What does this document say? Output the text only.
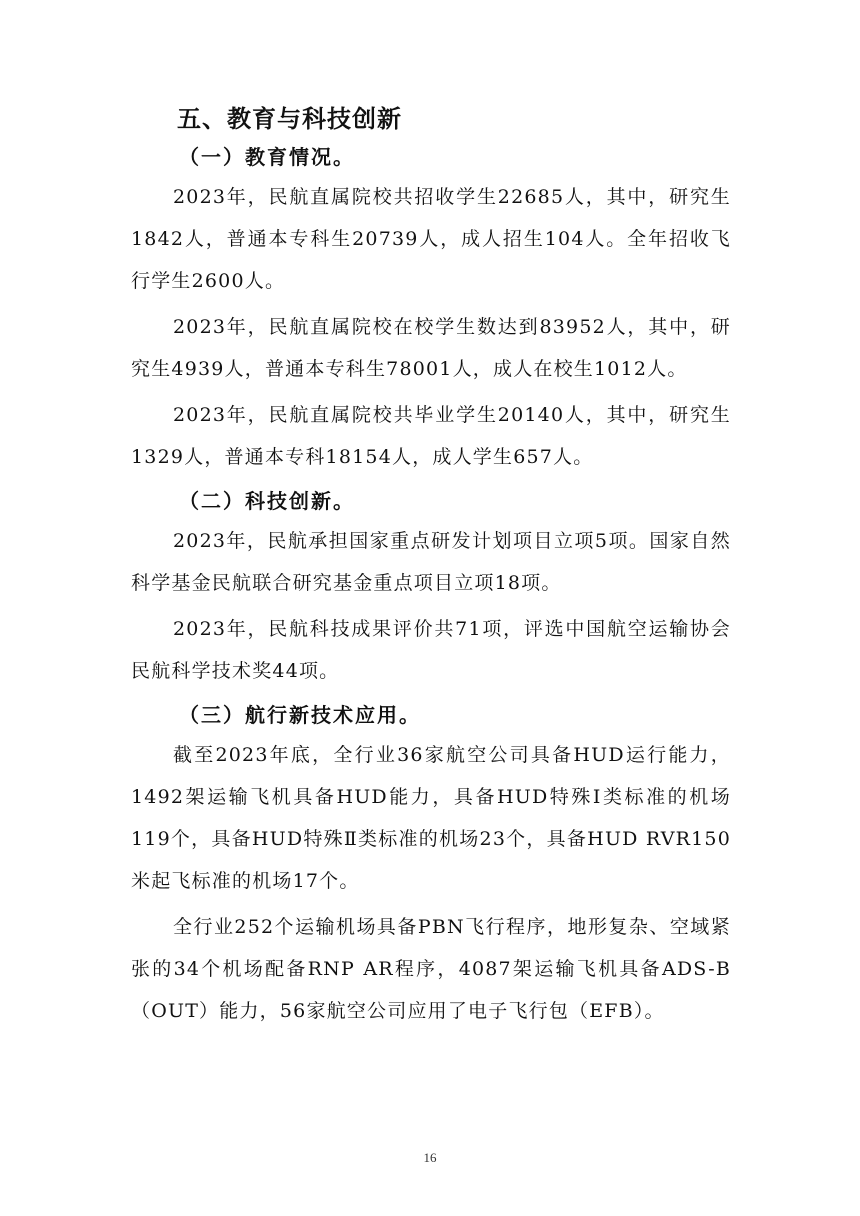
五、教育与科技创新
（一）教育情况。

2023年，民航直属院校共招收学生22685人，其中，研究生1842人，普通本专科生20739人，成人招生104人。全年招收飞行学生2600人。

2023年，民航直属院校在校学生数达到83952人，其中，研究生4939人，普通本专科生78001人，成人在校生1012人。

2023年，民航直属院校共毕业学生20140人，其中，研究生1329人，普通本专科18154人，成人学生657人。

（二）科技创新。

2023年，民航承担国家重点研发计划项目立项5项。国家自然科学基金民航联合研究基金重点项目立项18项。

2023年，民航科技成果评价共71项，评选中国航空运输协会民航科学技术奖44项。

（三）航行新技术应用。

截至2023年底，全行业36家航空公司具备HUD运行能力，1492架运输飞机具备HUD能力，具备HUD特殊Ⅰ类标准的机场119个，具备HUD特殊Ⅱ类标准的机场23个，具备HUD RVR150米起飞标准的机场17个。

全行业252个运输机场具备PBN飞行程序，地形复杂、空域紧张的34个机场配备RNP AR程序，4087架运输飞机具备ADS-B（OUT）能力，56家航空公司应用了电子飞行包（EFB）。

16
